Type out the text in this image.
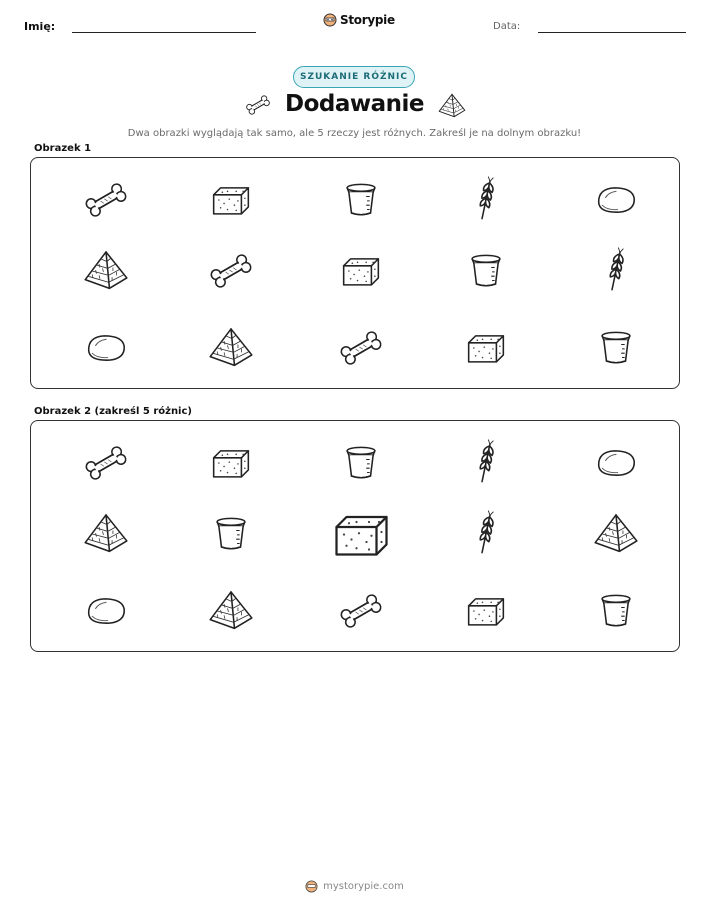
Imię:	Storypie	Data:
SZUKANIE RÓŻNIC
Dodawanie
Dwa obrazki wyglądają tak samo, ale 5 rzeczy jest różnych. Zakreśl je na dolnym obrazku!
Obrazek 1
Obrazek 2 (zakreśl 5 różnic)
mystorypie.com
